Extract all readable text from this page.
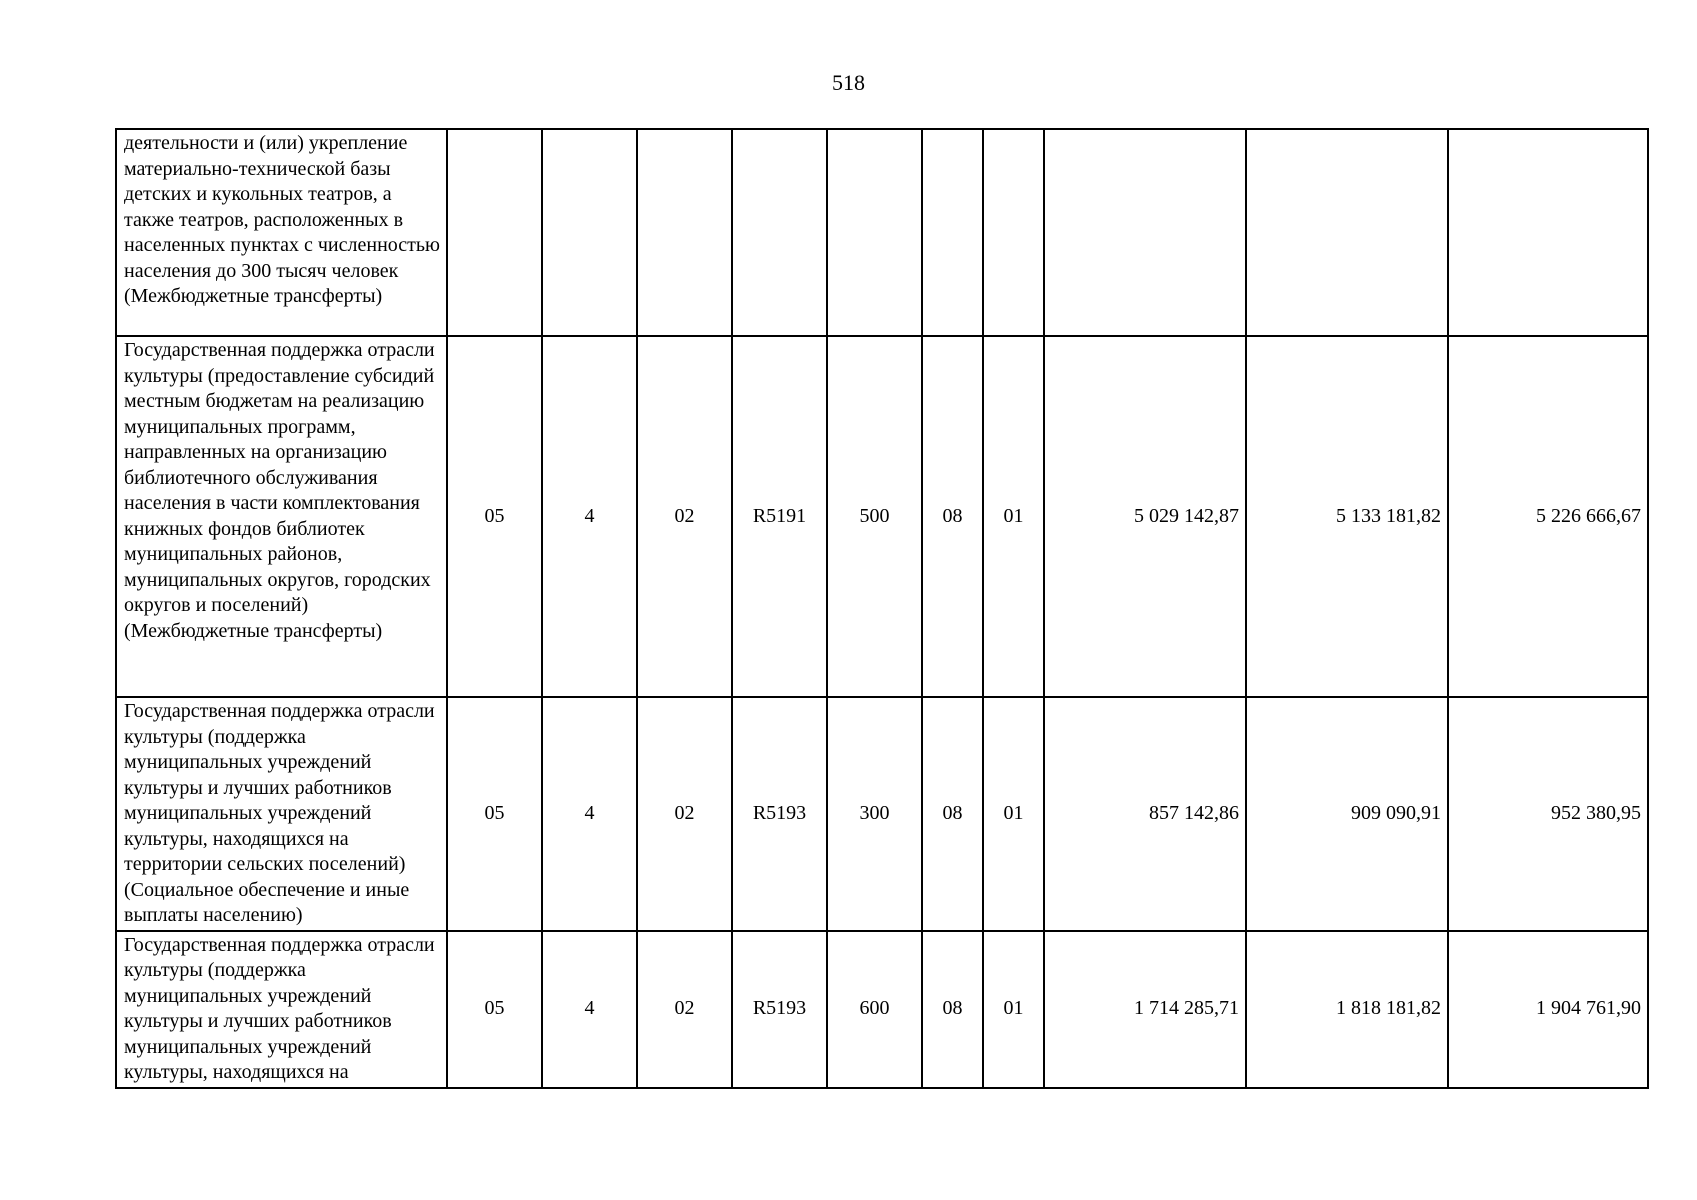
518
деятельности и (или) укрепление материально-технической базы детских и кукольных театров, а также театров, расположенных в населенных пунктах с численностью населения до 300 тысяч человек (Межбюджетные трансферты)										
Государственная поддержка отрасли культуры (предоставление субсидий местным бюджетам на реализацию муниципальных программ, направленных на организацию библиотечного обслуживания населения в части комплектования книжных фондов библиотек муниципальных районов, муниципальных округов, городских округов и поселений) (Межбюджетные трансферты)	05	4	02	R5191	500	08	01	5 029 142,87	5 133 181,82	5 226 666,67
Государственная поддержка отрасли культуры (поддержка муниципальных учреждений культуры и лучших работников муниципальных учреждений культуры, находящихся на территории сельских поселений) (Социальное обеспечение и иные выплаты населению)	05	4	02	R5193	300	08	01	857 142,86	909 090,91	952 380,95
Государственная поддержка отрасли культуры (поддержка муниципальных учреждений культуры и лучших работников муниципальных учреждений культуры, находящихся на	05	4	02	R5193	600	08	01	1 714 285,71	1 818 181,82	1 904 761,90
